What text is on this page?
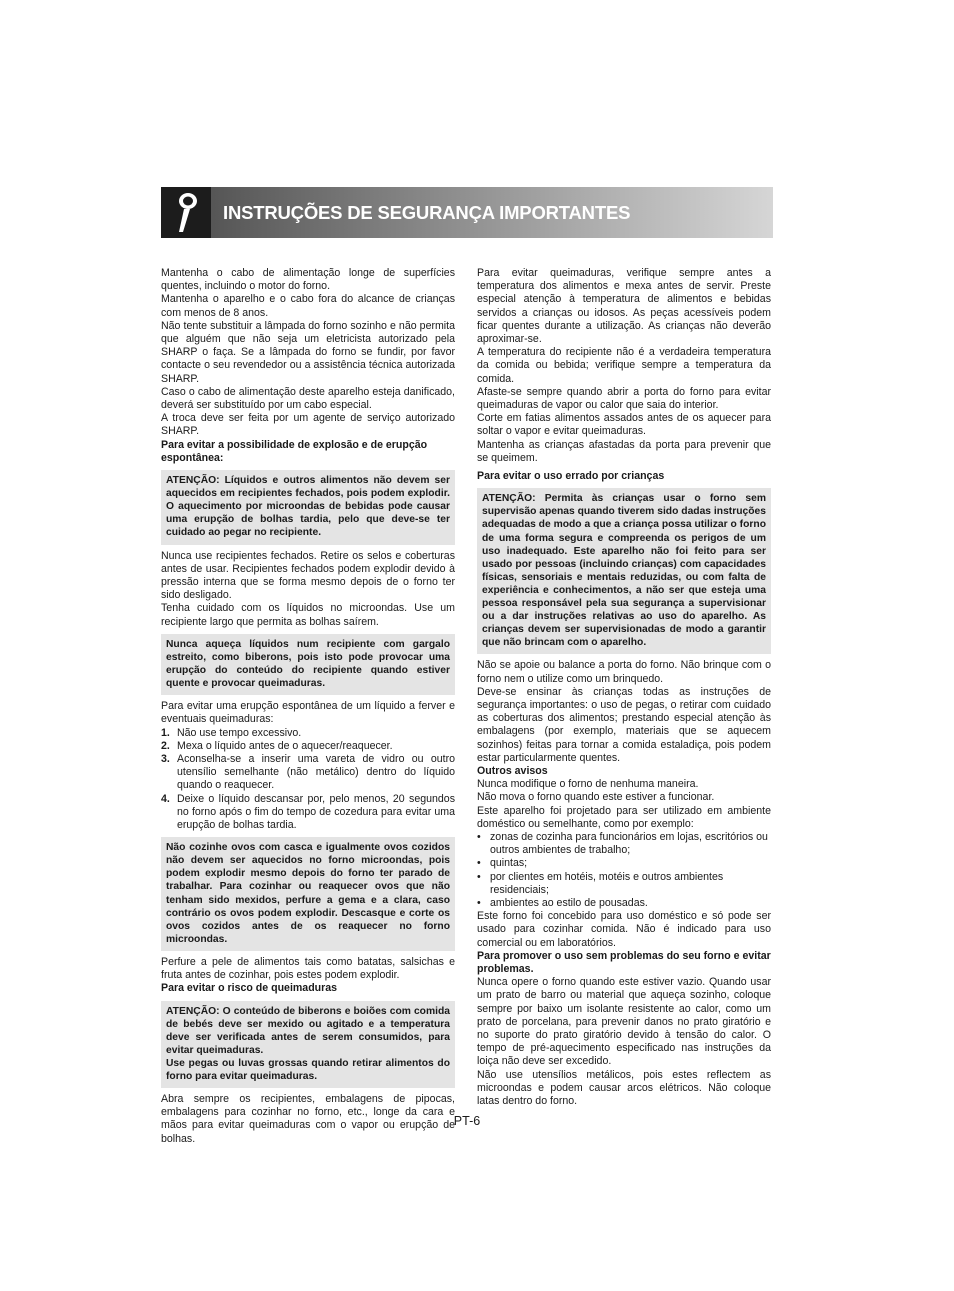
INSTRUÇÕES DE SEGURANÇA IMPORTANTES

Mantenha o cabo de alimentação longe de superfícies quentes, incluindo o motor do forno.

Mantenha o aparelho e o cabo fora do alcance de crianças com menos de 8 anos.

Não tente substituir a lâmpada do forno sozinho e não permita que alguém que não seja um eletricista autorizado pela SHARP o faça. Se a lâmpada do forno se fundir, por favor contacte o seu revendedor ou a assistência técnica autorizada SHARP.

Caso o cabo de alimentação deste aparelho esteja danificado, deverá ser substituído por um cabo especial.

A troca deve ser feita por um agente de serviço autorizado SHARP.

Para evitar a possibilidade de explosão e de erupção espontânea:

ATENÇÃO: Líquidos e outros alimentos não devem ser aquecidos em recipientes fechados, pois podem explodir. O aquecimento por microondas de bebidas pode causar uma erupção de bolhas tardia, pelo que deve-se ter cuidado ao pegar no recipiente.

Nunca use recipientes fechados. Retire os selos e coberturas antes de usar. Recipientes fechados podem explodir devido à pressão interna que se forma mesmo depois de o forno ter sido desligado.

Tenha cuidado com os líquidos no microondas. Use um recipiente largo que permita as bolhas saírem.

Nunca aqueça líquidos num recipiente com gargalo estreito, como biberons, pois isto pode provocar uma erupção do conteúdo do recipiente quando estiver quente e provocar queimaduras.

Para evitar uma erupção espontânea de um líquido a ferver e eventuais queimaduras:

1. Não use tempo excessivo.
2. Mexa o líquido antes de o aquecer/reaquecer.
3. Aconselha-se a inserir uma vareta de vidro ou outro utensílio semelhante (não metálico) dentro do líquido quando o reaquecer.
4. Deixe o líquido descansar por, pelo menos, 20 segundos no forno após o fim do tempo de cozedura para evitar uma erupção de bolhas tardia.

Não cozinhe ovos com casca e igualmente ovos cozidos não devem ser aquecidos no forno microondas, pois podem explodir mesmo depois do forno ter parado de trabalhar. Para cozinhar ou reaquecer ovos que não tenham sido mexidos, perfure a gema e a clara, caso contrário os ovos podem explodir. Descasque e corte os ovos cozidos antes de os reaquecer no forno microondas.

Perfure a pele de alimentos tais como batatas, salsichas e fruta antes de cozinhar, pois estes podem explodir.

Para evitar o risco de queimaduras

ATENÇÃO: O conteúdo de biberons e boiões com comida de bebés deve ser mexido ou agitado e a temperatura deve ser verificada antes de serem consumidos, para evitar queimaduras.

Use pegas ou luvas grossas quando retirar alimentos do forno para evitar queimaduras.

Abra sempre os recipientes, embalagens de pipocas, embalagens para cozinhar no forno, etc., longe da cara e mãos para evitar queimaduras com o vapor ou erupção de bolhas.

Para evitar queimaduras, verifique sempre antes a temperatura dos alimentos e mexa antes de servir. Preste especial atenção à temperatura de alimentos e bebidas servidos a crianças ou idosos. As peças acessíveis podem ficar quentes durante a utilização. As crianças não deverão aproximar-se.

A temperatura do recipiente não é a verdadeira temperatura da comida ou bebida; verifique sempre a temperatura da comida.

Afaste-se sempre quando abrir a porta do forno para evitar queimaduras de vapor ou calor que saia do interior.

Corte em fatias alimentos assados antes de os aquecer para soltar o vapor e evitar queimaduras.

Mantenha as crianças afastadas da porta para prevenir que se queimem.

Para evitar o uso errado por crianças

ATENÇÃO: Permita às crianças usar o forno sem supervisão apenas quando tiverem sido dadas instruções adequadas de modo a que a criança possa utilizar o forno de uma forma segura e compreenda os perigos de um uso inadequado. Este aparelho não foi feito para ser usado por pessoas (incluindo crianças) com capacidades físicas, sensoriais e mentais reduzidas, ou com falta de experiência e conhecimentos, a não ser que esteja uma pessoa responsável pela sua segurança a supervisionar ou a dar instruções relativas ao uso do aparelho. As crianças devem ser supervisionadas de modo a garantir que não brincam com o aparelho.

Não se apoie ou balance a porta do forno. Não brinque com o forno nem o utilize como um brinquedo.

Deve-se ensinar às crianças todas as instruções de segurança importantes: o uso de pegas, o retirar com cuidado as coberturas dos alimentos; prestando especial atenção às embalagens (por exemplo, materiais que se aquecem sozinhos) feitas para tornar a comida estaladiça, pois podem estar particularmente quentes.

Outros avisos

Nunca modifique o forno de nenhuma maneira.

Não mova o forno quando este estiver a funcionar.

Este aparelho foi projetado para ser utilizado em ambiente doméstico ou semelhante, como por exemplo:

• zonas de cozinha para funcionários em lojas, escritórios ou outros ambientes de trabalho;
• quintas;
• por clientes em hotéis, motéis e outros ambientes residenciais;
• ambientes ao estilo de pousadas.

Este forno foi concebido para uso doméstico e só pode ser usado para cozinhar comida. Não é indicado para uso comercial ou em laboratórios.

Para promover o uso sem problemas do seu forno e evitar problemas.

Nunca opere o forno quando este estiver vazio. Quando usar um prato de barro ou material que aqueça sozinho, coloque sempre por baixo um isolante resistente ao calor, como um prato de porcelana, para prevenir danos no prato giratório e no suporte do prato giratório devido à tensão do calor. O tempo de pré-aquecimento especificado nas instruções da loiça não deve ser excedido.

Não use utensílios metálicos, pois estes reflectem as microondas e podem causar arcos elétricos. Não coloque latas dentro do forno.

PT-6
